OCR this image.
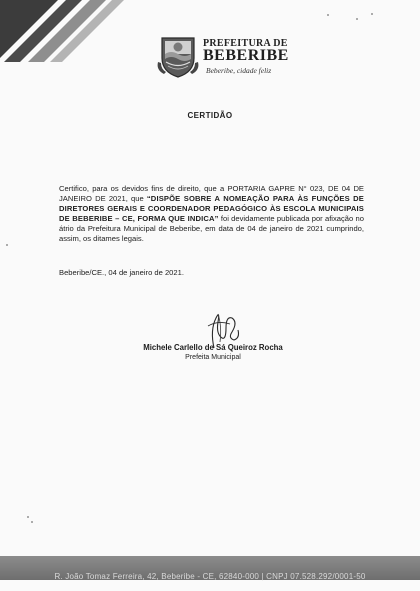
PREFEITURA DE
BEBERIBE
Beberibe, cidade feliz
CERTIDÃO
Certifico, para os devidos fins de direito, que a PORTARIA GAPRE N° 023, DE 04 DE JANEIRO DE 2021, que “DISPÕE SOBRE A NOMEAÇÃO PARA ÀS FUNÇÕES DE DIRETORES GERAIS E COORDENADOR PEDAGÓGICO ÀS ESCOLA MUNICIPAIS DE BEBERIBE – CE, FORMA QUE INDICA” foi devidamente publicada por afixação no átrio da Prefeitura Municipal de Beberibe, em data de 04 de janeiro de 2021 cumprindo, assim, os ditames legais.
Beberibe/CE., 04 de janeiro de 2021.
Michele Carlello de Sá Queiroz Rocha
Prefeita Municipal
R. João Tomaz Ferreira, 42, Beberibe - CE, 62840-000 | CNPJ 07.528.292/0001-50
